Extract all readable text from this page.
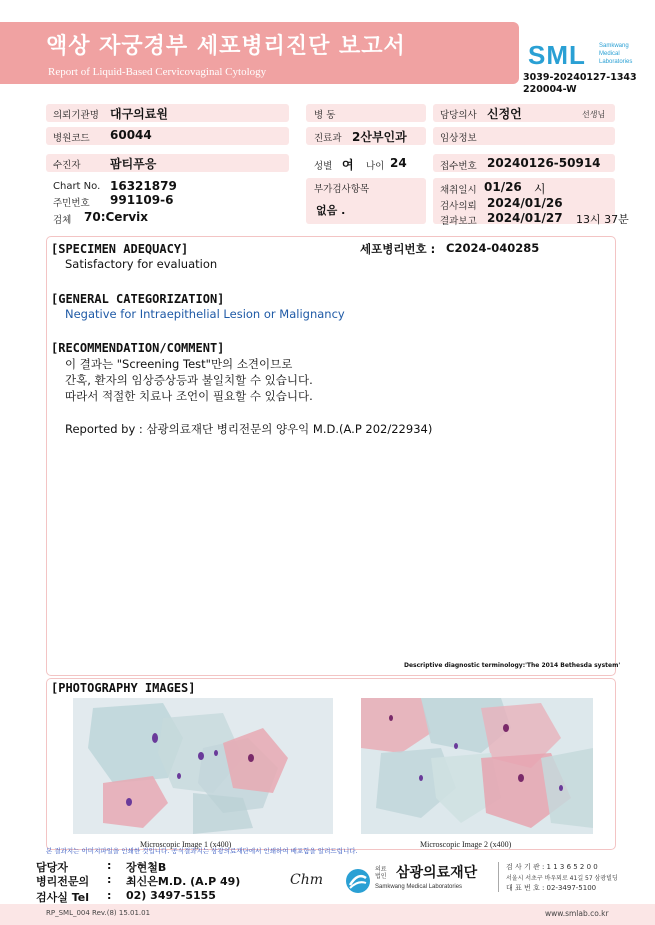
액상 자궁경부 세포병리진단 보고서
Report of Liquid-Based Cervicovaginal Cytology
SML Samkwang
Medical
Laboratories
3039-20240127-1343
220004-W
의뢰기관명 대구의료원	병 동	담당의사 신정언	선생님
병원코드 60044	진료과 2산부인과	임상정보
수진자 팜티푸응	성별 여 나이 24	접수번호 20240126-50914
Chart No. 16321879
주민번호 991109-6
검체 70:Cervix
부가검사항목
없음 .
채취일시 01/26 시
검사의뢰 2024/01/26
결과보고 2024/01/27 13시 37분
[SPECIMEN ADEQUACY]	세포병리번호 : C2024-040285
Satisfactory for evaluation
[GENERAL CATEGORIZATION]
Negative for Intraepithelial Lesion or Malignancy
[RECOMMENDATION/COMMENT]
이 결과는 "Screening Test"만의 소견이므로
간혹, 환자의 임상증상등과 불일치할 수 있습니다.
따라서 적절한 치료나 조언이 필요할 수 있습니다.
Reported by : 삼광의료재단 병리전문의 양우익 M.D.(A.P 202/22934)
Descriptive diagnostic terminology:'The 2014 Bethesda system'
[PHOTOGRAPHY IMAGES]
Microscopic Image 1 (x400)	Microscopic Image 2 (x400)
본 결과지는 이미지파일을 인쇄한 것입니다. 공식결과지는 삼광의료재단에서 인쇄하여 배포함을 알려드립니다.
담당자	: 장현철B
병리전문의 : 최신은M.D. (A.P 49)
검사실 Tel : 02) 3497-5155
Chm
의료
법인 삼광의료재단
Samkwang Medical Laboratories
검 사 기 관 : 1 1 3 6 5 2 0 0
서울시 서초구 바우뫼로 41길 57 삼광빌딩
대 표 번 호 : 02-3497-5100
RP_SML_004 Rev.(8) 15.01.01	www.smlab.co.kr
